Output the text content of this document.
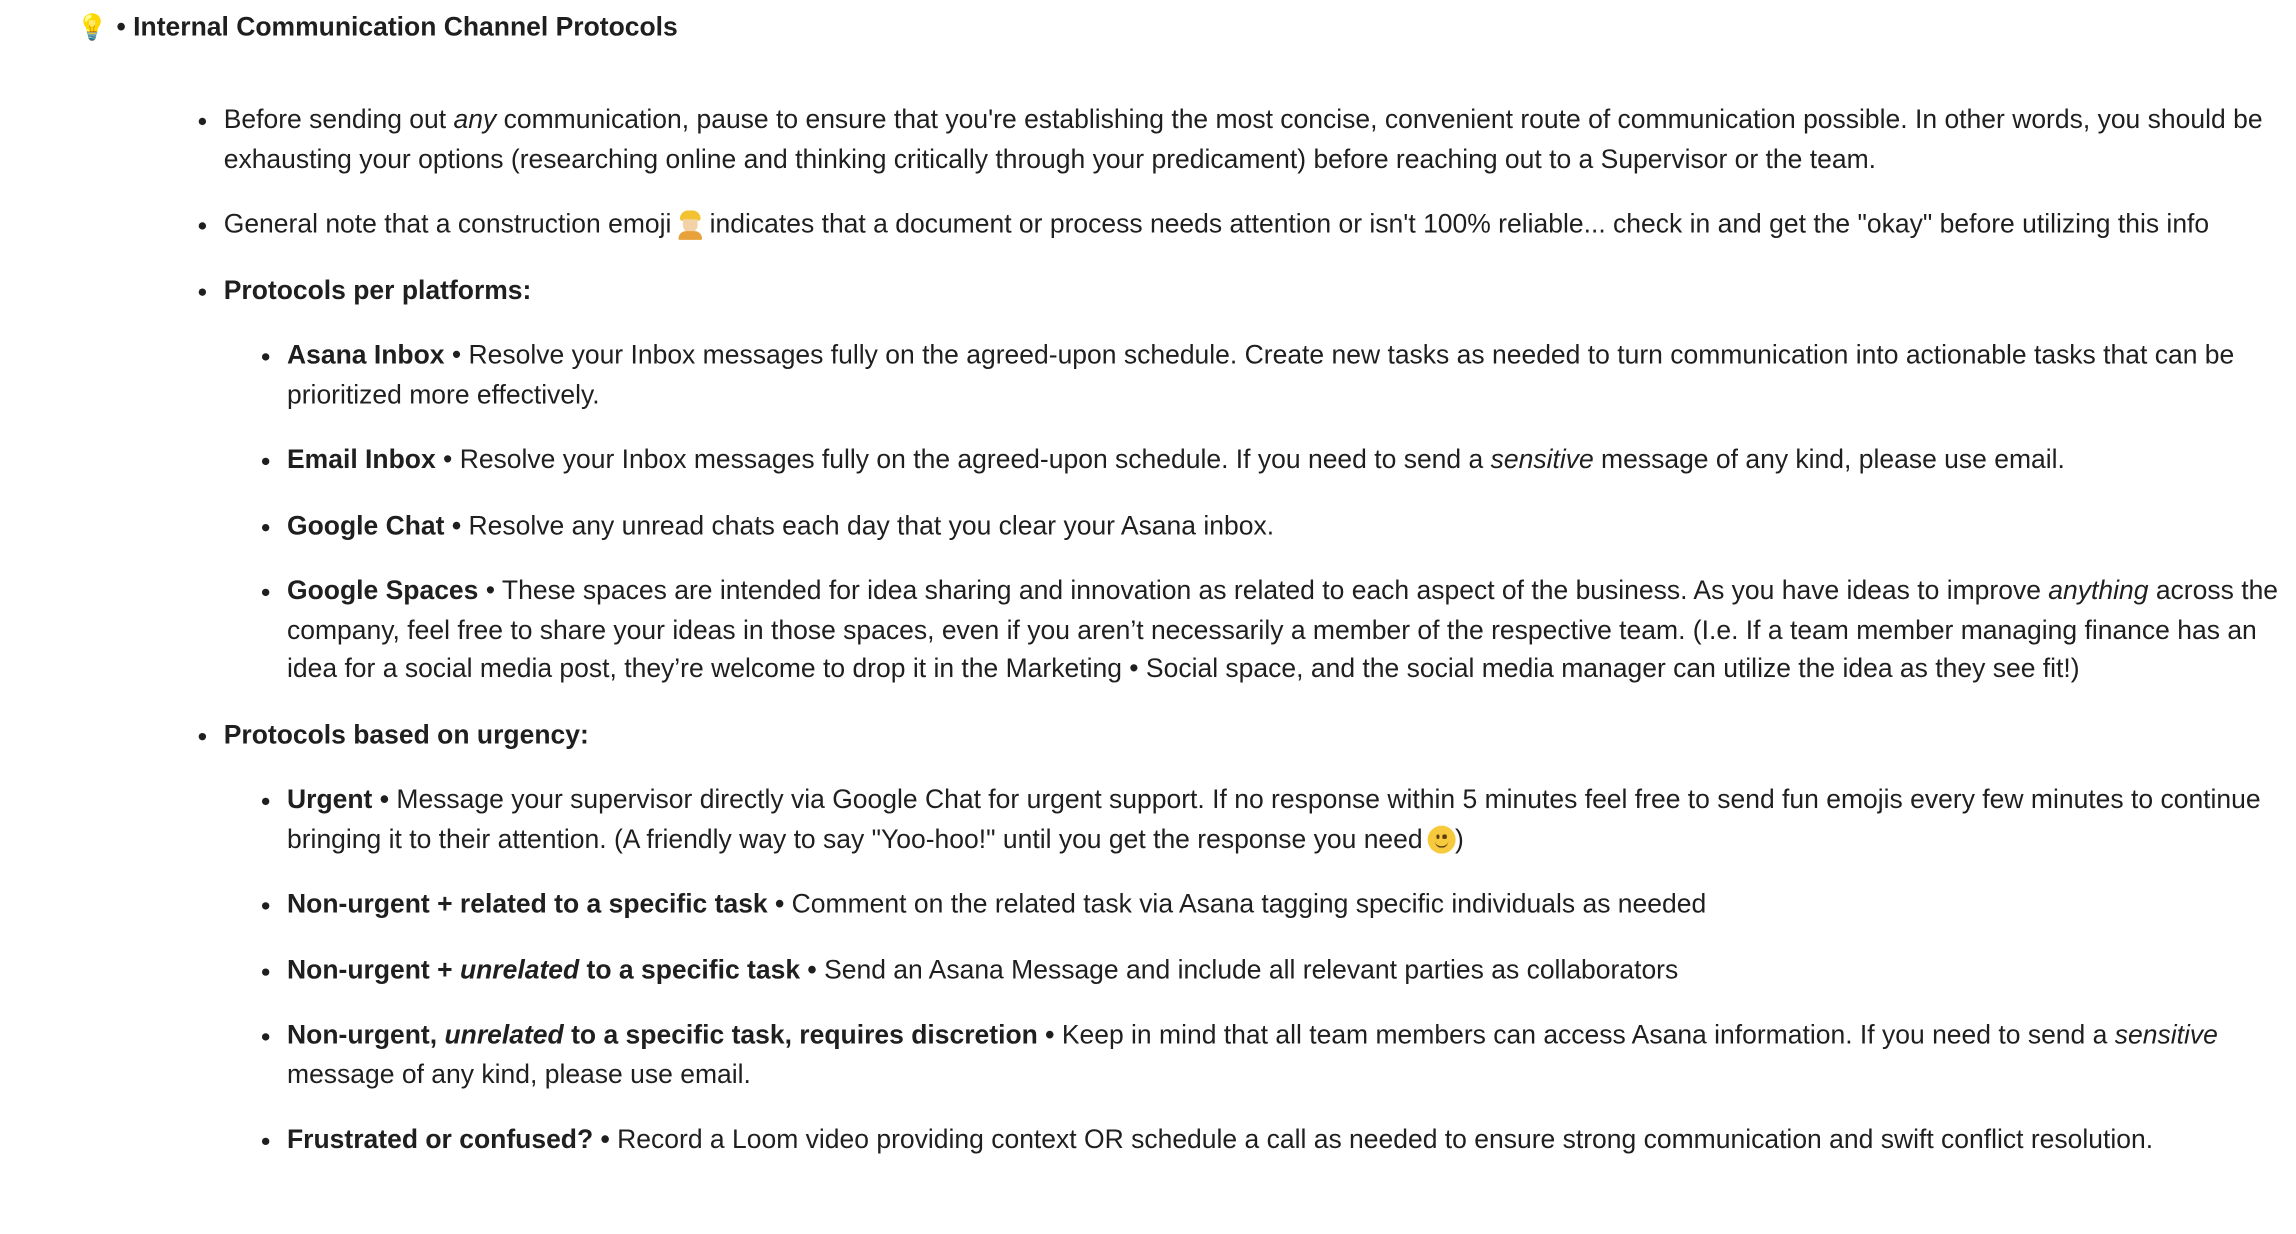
💡 • Internal Communication Channel Protocols
• Before sending out any communication, pause to ensure that you're establishing the most concise, convenient route of communication possible. In other words, you should be exhausting your options (researching online and thinking critically through your predicament) before reaching out to a Supervisor or the team.
• General note that a construction emoji indicates that a document or process needs attention or isn't 100% reliable... check in and get the "okay" before utilizing this info
• Protocols per platforms:
• Asana Inbox • Resolve your Inbox messages fully on the agreed-upon schedule. Create new tasks as needed to turn communication into actionable tasks that can be prioritized more effectively.
• Email Inbox • Resolve your Inbox messages fully on the agreed-upon schedule. If you need to send a sensitive message of any kind, please use email.
• Google Chat • Resolve any unread chats each day that you clear your Asana inbox.
• Google Spaces • These spaces are intended for idea sharing and innovation as related to each aspect of the business. As you have ideas to improve anything across the company, feel free to share your ideas in those spaces, even if you aren’t necessarily a member of the respective team. (I.e. If a team member managing finance has an idea for a social media post, they’re welcome to drop it in the Marketing • Social space, and the social media manager can utilize the idea as they see fit!)
• Protocols based on urgency:
• Urgent • Message your supervisor directly via Google Chat for urgent support. If no response within 5 minutes feel free to send fun emojis every few minutes to continue bringing it to their attention. (A friendly way to say "Yoo-hoo!" until you get the response you need )
• Non-urgent + related to a specific task • Comment on the related task via Asana tagging specific individuals as needed
• Non-urgent + unrelated to a specific task • Send an Asana Message and include all relevant parties as collaborators
• Non-urgent, unrelated to a specific task, requires discretion • Keep in mind that all team members can access Asana information. If you need to send a sensitive message of any kind, please use email.
• Frustrated or confused? • Record a Loom video providing context OR schedule a call as needed to ensure strong communication and swift conflict resolution.
